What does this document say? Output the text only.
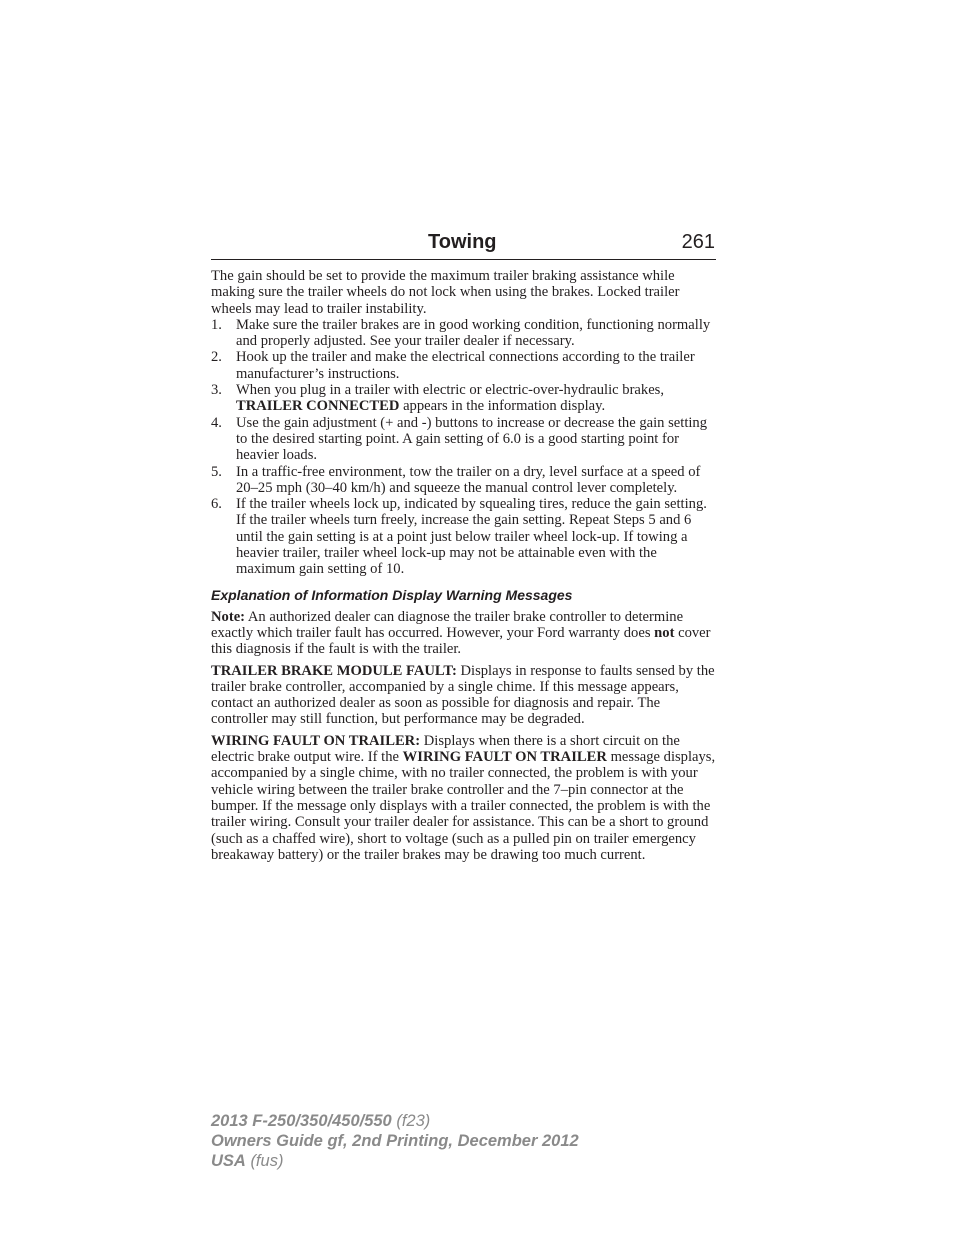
Towing	261

The gain should be set to provide the maximum trailer braking assistance while making sure the trailer wheels do not lock when using the brakes. Locked trailer wheels may lead to trailer instability.

1. Make sure the trailer brakes are in good working condition, functioning normally and properly adjusted. See your trailer dealer if necessary.
2. Hook up the trailer and make the electrical connections according to the trailer manufacturer’s instructions.
3. When you plug in a trailer with electric or electric-over-hydraulic brakes, TRAILER CONNECTED appears in the information display.
4. Use the gain adjustment (+ and -) buttons to increase or decrease the gain setting to the desired starting point. A gain setting of 6.0 is a good starting point for heavier loads.
5. In a traffic-free environment, tow the trailer on a dry, level surface at a speed of 20–25 mph (30–40 km/h) and squeeze the manual control lever completely.
6. If the trailer wheels lock up, indicated by squealing tires, reduce the gain setting. If the trailer wheels turn freely, increase the gain setting. Repeat Steps 5 and 6 until the gain setting is at a point just below trailer wheel lock-up. If towing a heavier trailer, trailer wheel lock-up may not be attainable even with the maximum gain setting of 10.
Explanation of Information Display Warning Messages

Note: An authorized dealer can diagnose the trailer brake controller to determine exactly which trailer fault has occurred. However, your Ford warranty does not cover this diagnosis if the fault is with the trailer.

TRAILER BRAKE MODULE FAULT: Displays in response to faults sensed by the trailer brake controller, accompanied by a single chime. If this message appears, contact an authorized dealer as soon as possible for diagnosis and repair. The controller may still function, but performance may be degraded.

WIRING FAULT ON TRAILER: Displays when there is a short circuit on the electric brake output wire. If the WIRING FAULT ON TRAILER message displays, accompanied by a single chime, with no trailer connected, the problem is with your vehicle wiring between the trailer brake controller and the 7–pin connector at the bumper. If the message only displays with a trailer connected, the problem is with the trailer wiring. Consult your trailer dealer for assistance. This can be a short to ground (such as a chaffed wire), short to voltage (such as a pulled pin on trailer emergency breakaway battery) or the trailer brakes may be drawing too much current.

2013 F-250/350/450/550 (f23)
Owners Guide gf, 2nd Printing, December 2012
USA (fus)
